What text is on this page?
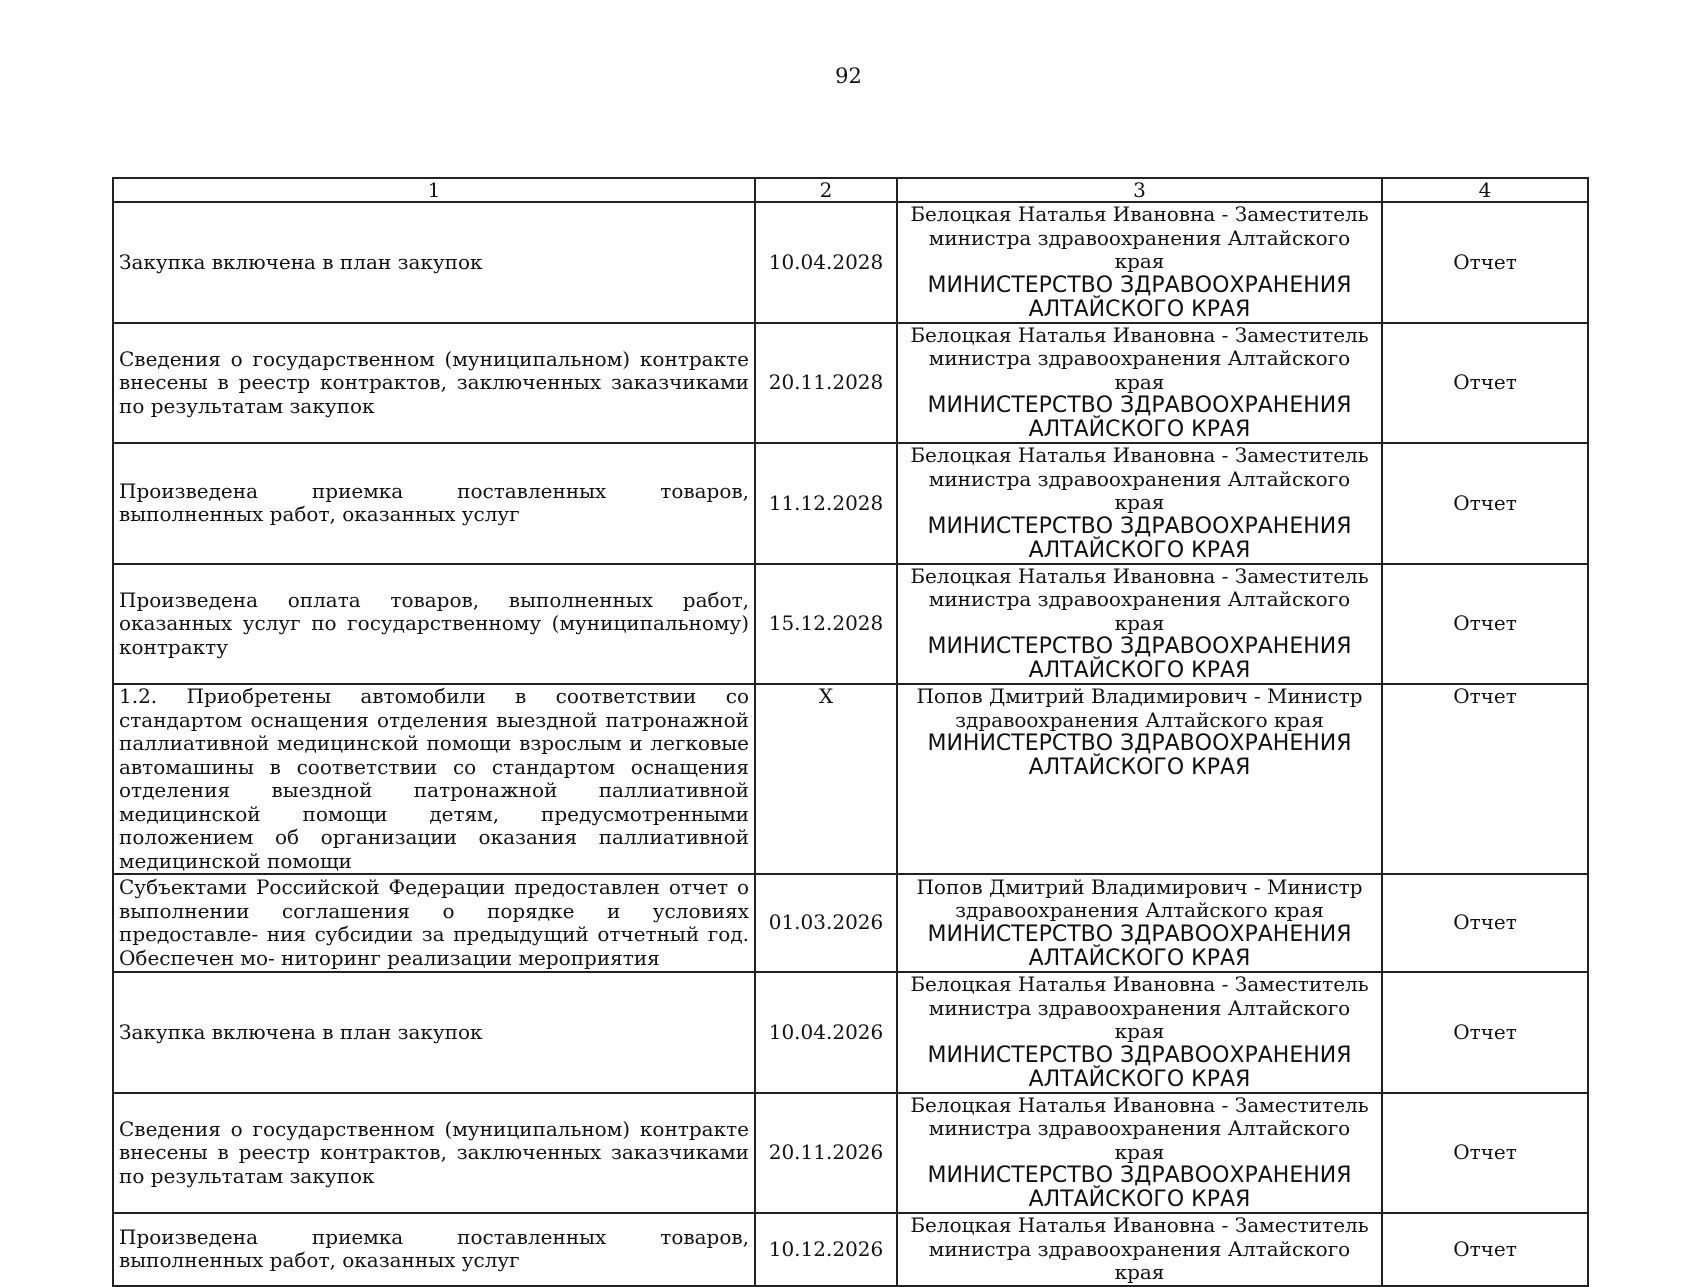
92
1	2	3	4
Закупка включена в план закупок	10.04.2028	Белоцкая Наталья Ивановна - Заместитель министра здравоохранения Алтайского края
МИНИСТЕРСТВО ЗДРАВООХРАНЕНИЯ АЛТАЙСКОГО КРАЯ	Отчет
Сведения о государственном (муниципальном) контракте внесены в реестр контрактов, заключенных заказчиками по результатам закупок	20.11.2028	Белоцкая Наталья Ивановна - Заместитель министра здравоохранения Алтайского края
МИНИСТЕРСТВО ЗДРАВООХРАНЕНИЯ АЛТАЙСКОГО КРАЯ	Отчет
Произведена приемка поставленных товаров, выполненных работ, оказанных услуг	11.12.2028	Белоцкая Наталья Ивановна - Заместитель министра здравоохранения Алтайского края
МИНИСТЕРСТВО ЗДРАВООХРАНЕНИЯ АЛТАЙСКОГО КРАЯ	Отчет
Произведена оплата товаров, выполненных работ, оказанных услуг по государственному (муниципальному) контракту	15.12.2028	Белоцкая Наталья Ивановна - Заместитель министра здравоохранения Алтайского края
МИНИСТЕРСТВО ЗДРАВООХРАНЕНИЯ АЛТАЙСКОГО КРАЯ	Отчет
1.2. Приобретены автомобили в соответствии со стандартом оснащения отделения выездной патронажной паллиативной медицинской помощи взрослым и легковые автомашины в соответствии со стандартом оснащения отделения выездной патронажной паллиативной медицинской помощи детям, предусмотренными положением об организации оказания паллиативной медицинской помощи	X	Попов Дмитрий Владимирович - Министр здравоохранения Алтайского края
МИНИСТЕРСТВО ЗДРАВООХРАНЕНИЯ АЛТАЙСКОГО КРАЯ	Отчет
Субъектами Российской Федерации предоставлен отчет о выполнении соглашения о порядке и условиях предоставле- ния субсидии за предыдущий отчетный год. Обеспечен мо- ниторинг реализации мероприятия	01.03.2026	Попов Дмитрий Владимирович - Министр здравоохранения Алтайского края
МИНИСТЕРСТВО ЗДРАВООХРАНЕНИЯ АЛТАЙСКОГО КРАЯ	Отчет
Закупка включена в план закупок	10.04.2026	Белоцкая Наталья Ивановна - Заместитель министра здравоохранения Алтайского края
МИНИСТЕРСТВО ЗДРАВООХРАНЕНИЯ АЛТАЙСКОГО КРАЯ	Отчет
Сведения о государственном (муниципальном) контракте внесены в реестр контрактов, заключенных заказчиками по результатам закупок	20.11.2026	Белоцкая Наталья Ивановна - Заместитель министра здравоохранения Алтайского края
МИНИСТЕРСТВО ЗДРАВООХРАНЕНИЯ АЛТАЙСКОГО КРАЯ	Отчет
Произведена приемка поставленных товаров, выполненных работ, оказанных услуг	10.12.2026	Белоцкая Наталья Ивановна - Заместитель министра здравоохранения Алтайского края	Отчет
